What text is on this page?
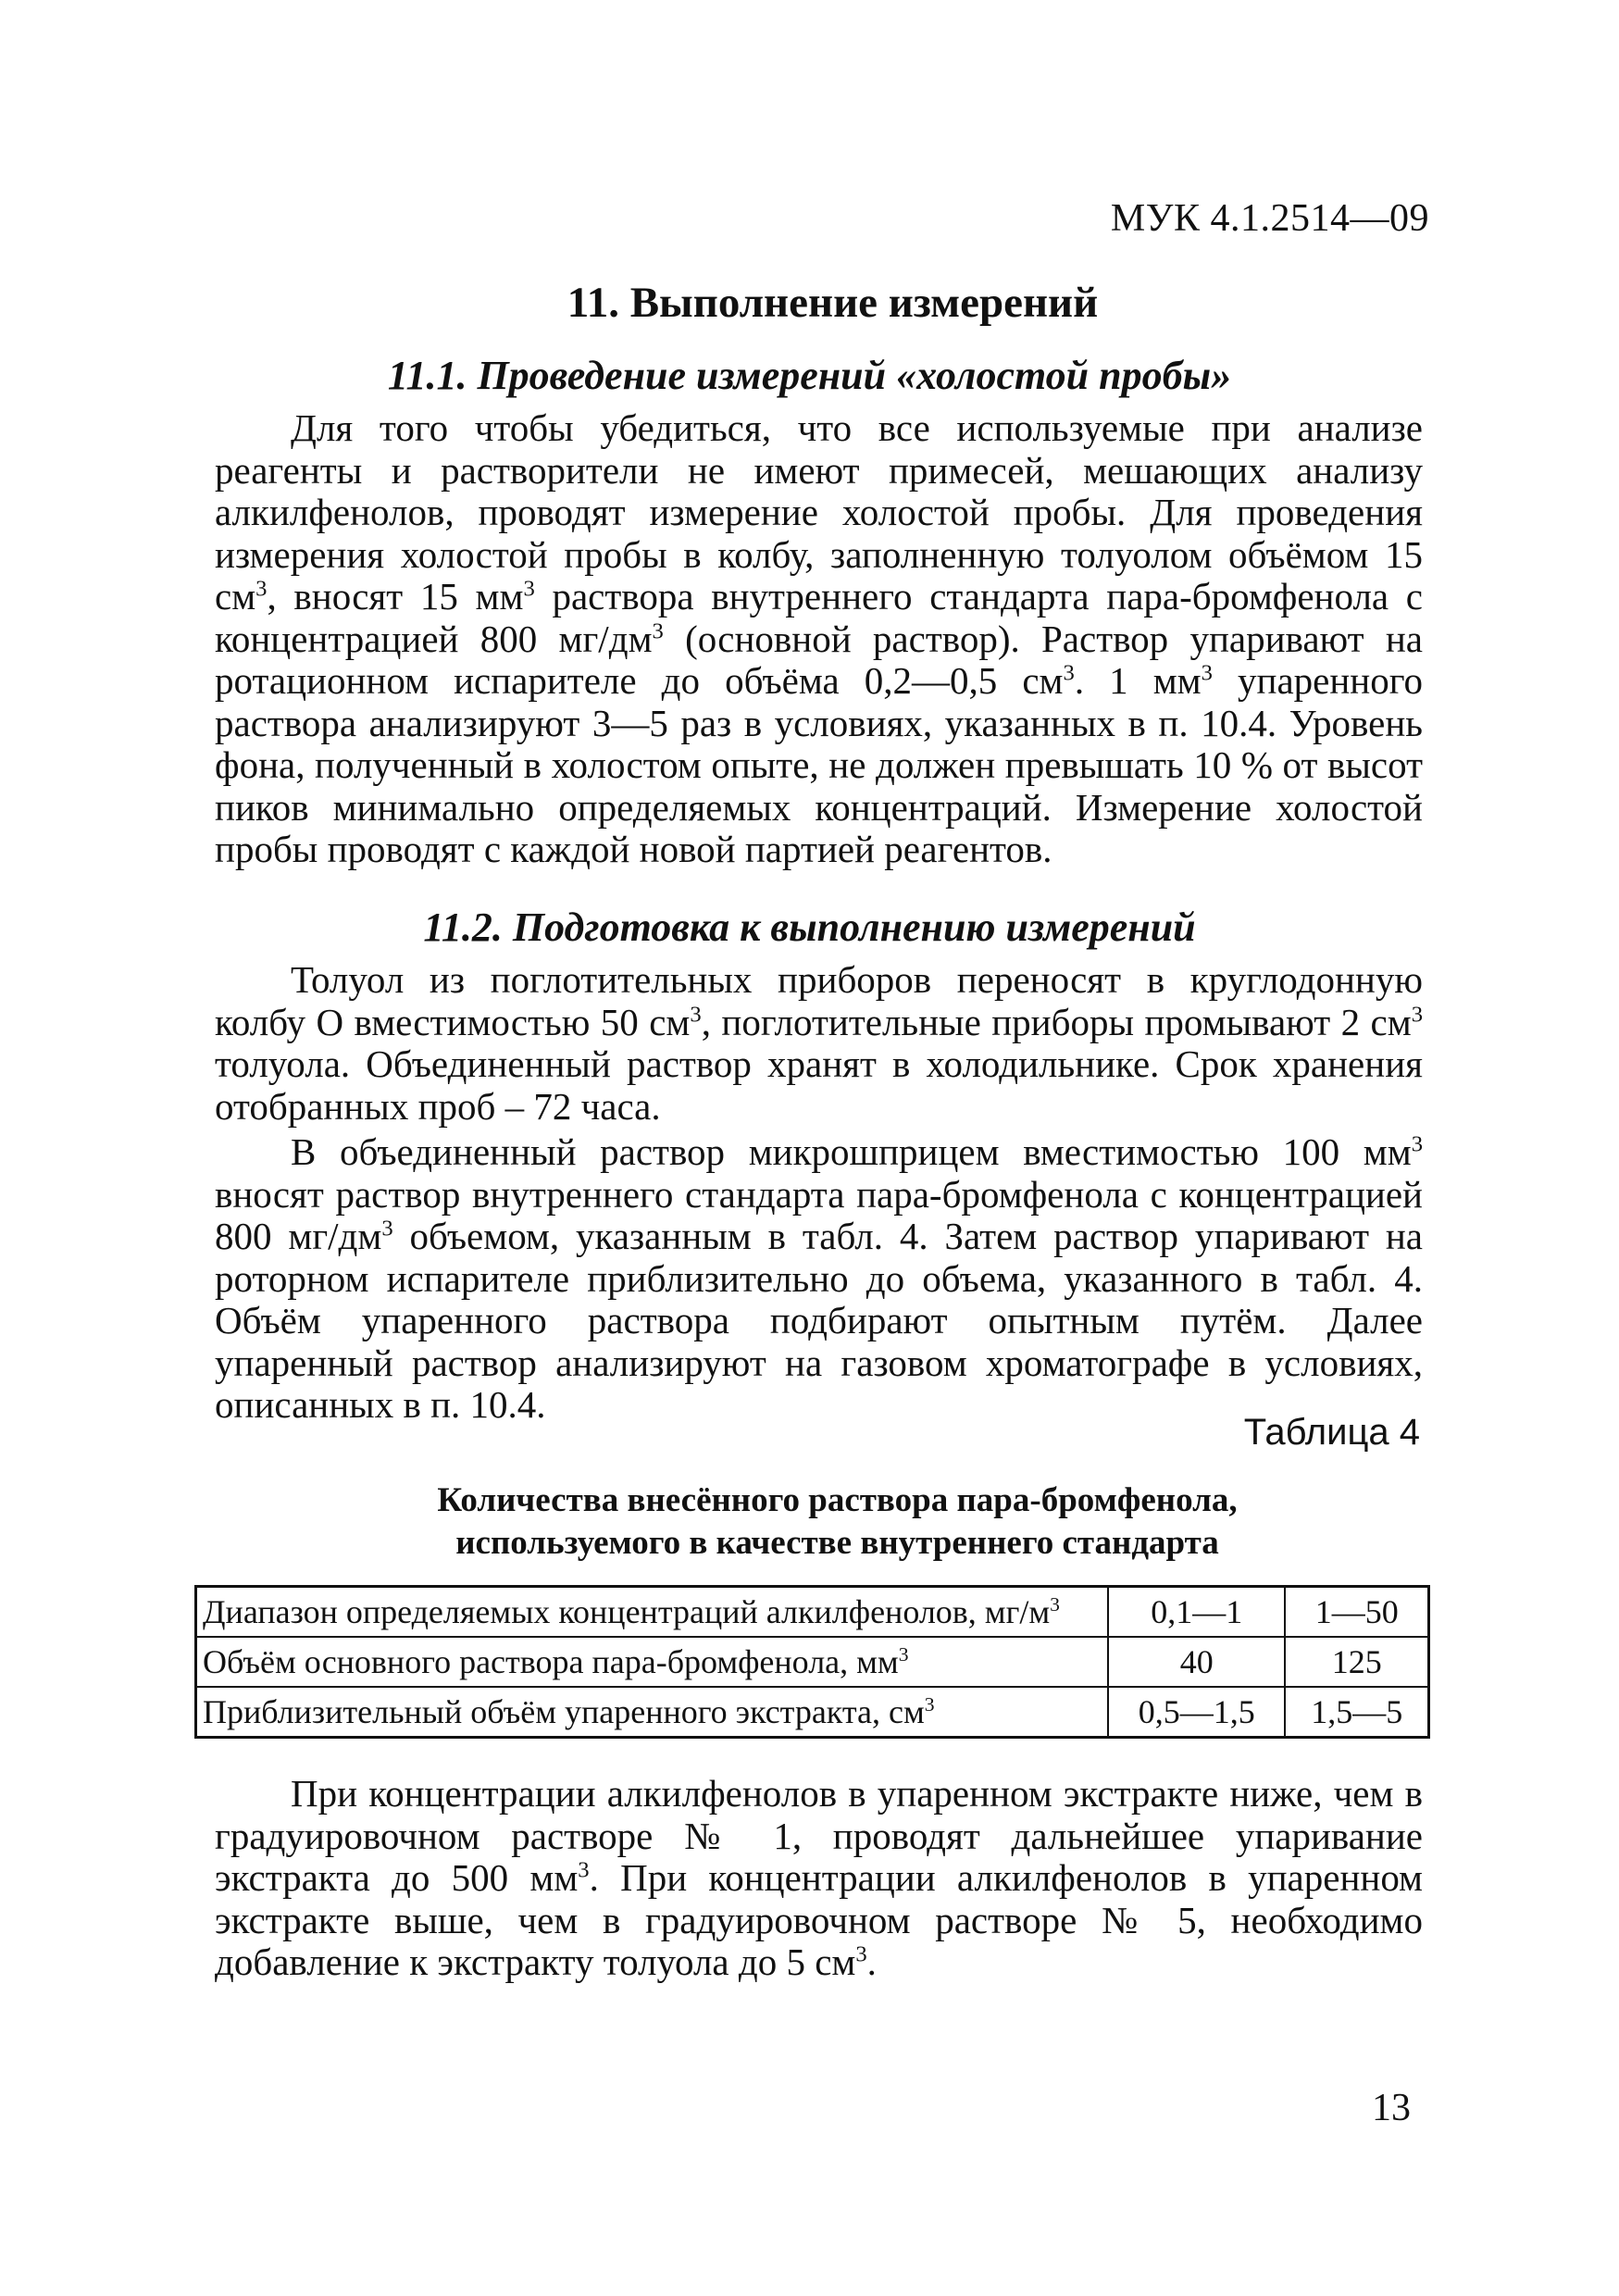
МУК 4.1.2514—09
11. Выполнение измерений
11.1. Проведение измерений «холостой пробы»
Для того чтобы убедиться, что все используемые при анализе реагенты и растворители не имеют примесей, мешающих анализу алкилфенолов, проводят измерение холостой пробы. Для проведения измерения холостой пробы в колбу, заполненную толуолом объёмом 15 $см^3$, вносят 15 $мм^3$ раствора внутреннего стандарта пара-бромфенола с концентрацией 800 $мг/дм^3$ (основной раствор). Раствор упаривают на ротационном испарителе до объёма 0,2—0,5 $см^3$. 1 $мм^3$ упаренного раствора анализируют 3—5 раз в условиях, указанных в п. 10.4. Уровень фона, полученный в холостом опыте, не должен превышать 10 % от высот пиков минимально определяемых концентраций. Измерение холостой пробы проводят с каждой новой партией реагентов.
11.2. Подготовка к выполнению измерений
Толуол из поглотительных приборов переносят в круглодонную колбу О вместимостью 50 $см^3$, поглотительные приборы промывают 2 $см^3$ толуола. Объединенный раствор хранят в холодильнике. Срок хранения отобранных проб – 72 часа.
В объединенный раствор микрошприцем вместимостью 100 $мм^3$ вносят раствор внутреннего стандарта пара-бромфенола с концентрацией 800 $мг/дм^3$ объемом, указанным в табл. 4. Затем раствор упаривают на роторном испарителе приблизительно до объема, указанного в табл. 4. Объём упаренного раствора подбирают опытным путём. Далее упаренный раствор анализируют на газовом хроматографе в условиях, описанных в п. 10.4.
Таблица 4
Количества внесённого раствора пара-бромфенола,
используемого в качестве внутреннего стандарта
Диапазон определяемых концентраций алкилфенолов, $мг/м^3$	0,1—1	1—50
Объём основного раствора пара-бромфенола, $мм^3$	40	125
Приблизительный объём упаренного экстракта, $см^3$	0,5—1,5	1,5—5
При концентрации алкилфенолов в упаренном экстракте ниже, чем в градуировочном растворе № 1, проводят дальнейшее упаривание экстракта до 500 $мм^3$. При концентрации алкилфенолов в упаренном экстракте выше, чем в градуировочном растворе № 5, необходимо добавление к экстракту толуола до 5 $см^3$.
13
